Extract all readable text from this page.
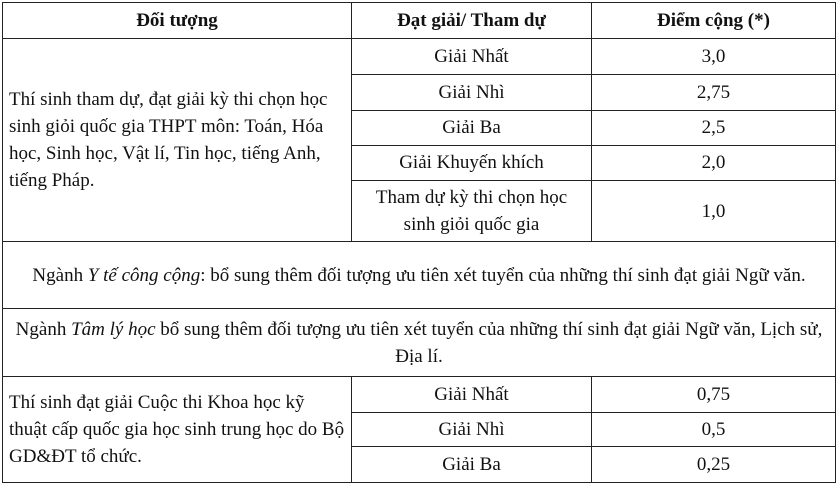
Đối tượng	Đạt giải/ Tham dự	Điểm cộng (*)
Thí sinh tham dự, đạt giải kỳ thi chọn học sinh giỏi quốc gia THPT môn: Toán, Hóa học, Sinh học, Vật lí, Tin học, tiếng Anh, tiếng Pháp.	Giải Nhất	3,0
	Giải Nhì	2,75
	Giải Ba	2,5
	Giải Khuyến khích	2,0
	Tham dự kỳ thi chọn học sinh giỏi quốc gia	1,0
Ngành Y tế công cộng: bổ sung thêm đối tượng ưu tiên xét tuyển của những thí sinh đạt giải Ngữ văn.		
Ngành Tâm lý học bổ sung thêm đối tượng ưu tiên xét tuyển của những thí sinh đạt giải Ngữ văn, Lịch sử, Địa lí.		
Thí sinh đạt giải Cuộc thi Khoa học kỹ thuật cấp quốc gia học sinh trung học do Bộ GD&ĐT tổ chức.	Giải Nhất	0,75
	Giải Nhì	0,5
	Giải Ba	0,25
